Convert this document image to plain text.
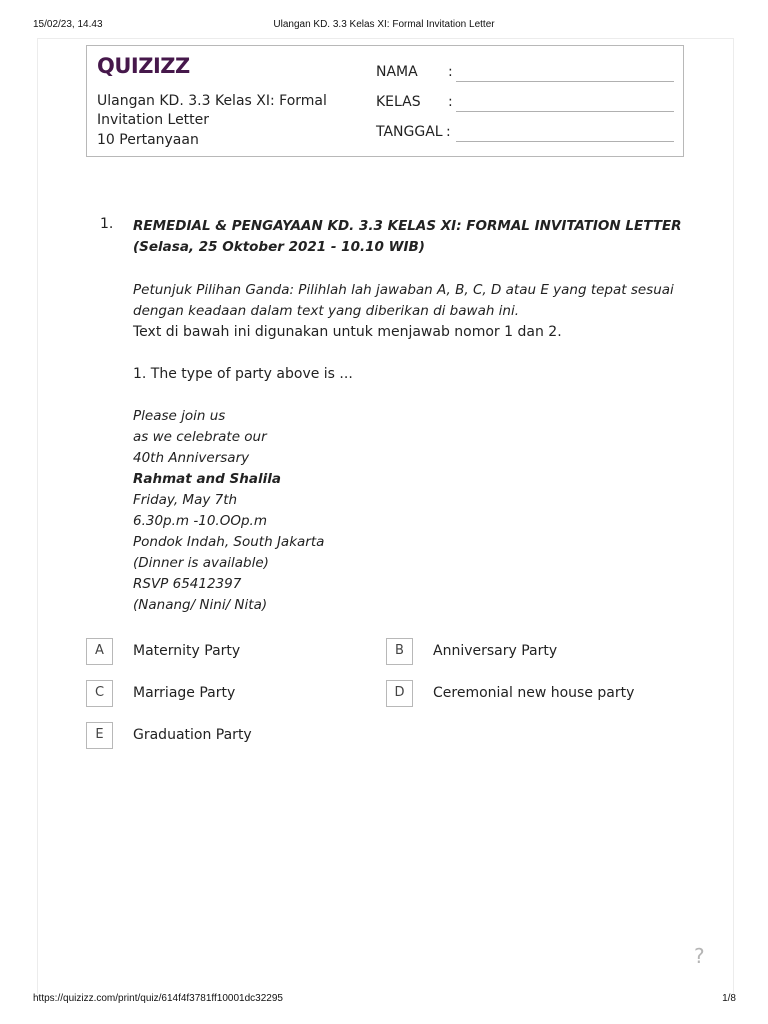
15/02/23, 14.43	Ulangan KD. 3.3 Kelas XI: Formal Invitation Letter
QUIZIZZ
Ulangan KD. 3.3 Kelas XI: Formal Invitation Letter
10 Pertanyaan
NAMA :
KELAS :
TANGGAL :
1. REMEDIAL & PENGAYAAN KD. 3.3 KELAS XI: FORMAL INVITATION LETTER
(Selasa, 25 Oktober 2021 - 10.10 WIB)
Petunjuk Pilihan Ganda: Pilihlah lah jawaban A, B, C, D atau E yang tepat sesuai dengan keadaan dalam text yang diberikan di bawah ini.
Text di bawah ini digunakan untuk menjawab nomor 1 dan 2.
1. The type of party above is ...
Please join us
as we celebrate our
40th Anniversary
Rahmat and Shalila
Friday, May 7th
6.30p.m -10.OOp.m
Pondok Indah, South Jakarta
(Dinner is available)
RSVP 65412397
(Nanang/ Nini/ Nita)
A	Maternity Party	B	Anniversary Party
C	Marriage Party	D	Ceremonial new house party
E	Graduation Party
?
https://quizizz.com/print/quiz/614f4f3781ff10001dc32295	1/8
